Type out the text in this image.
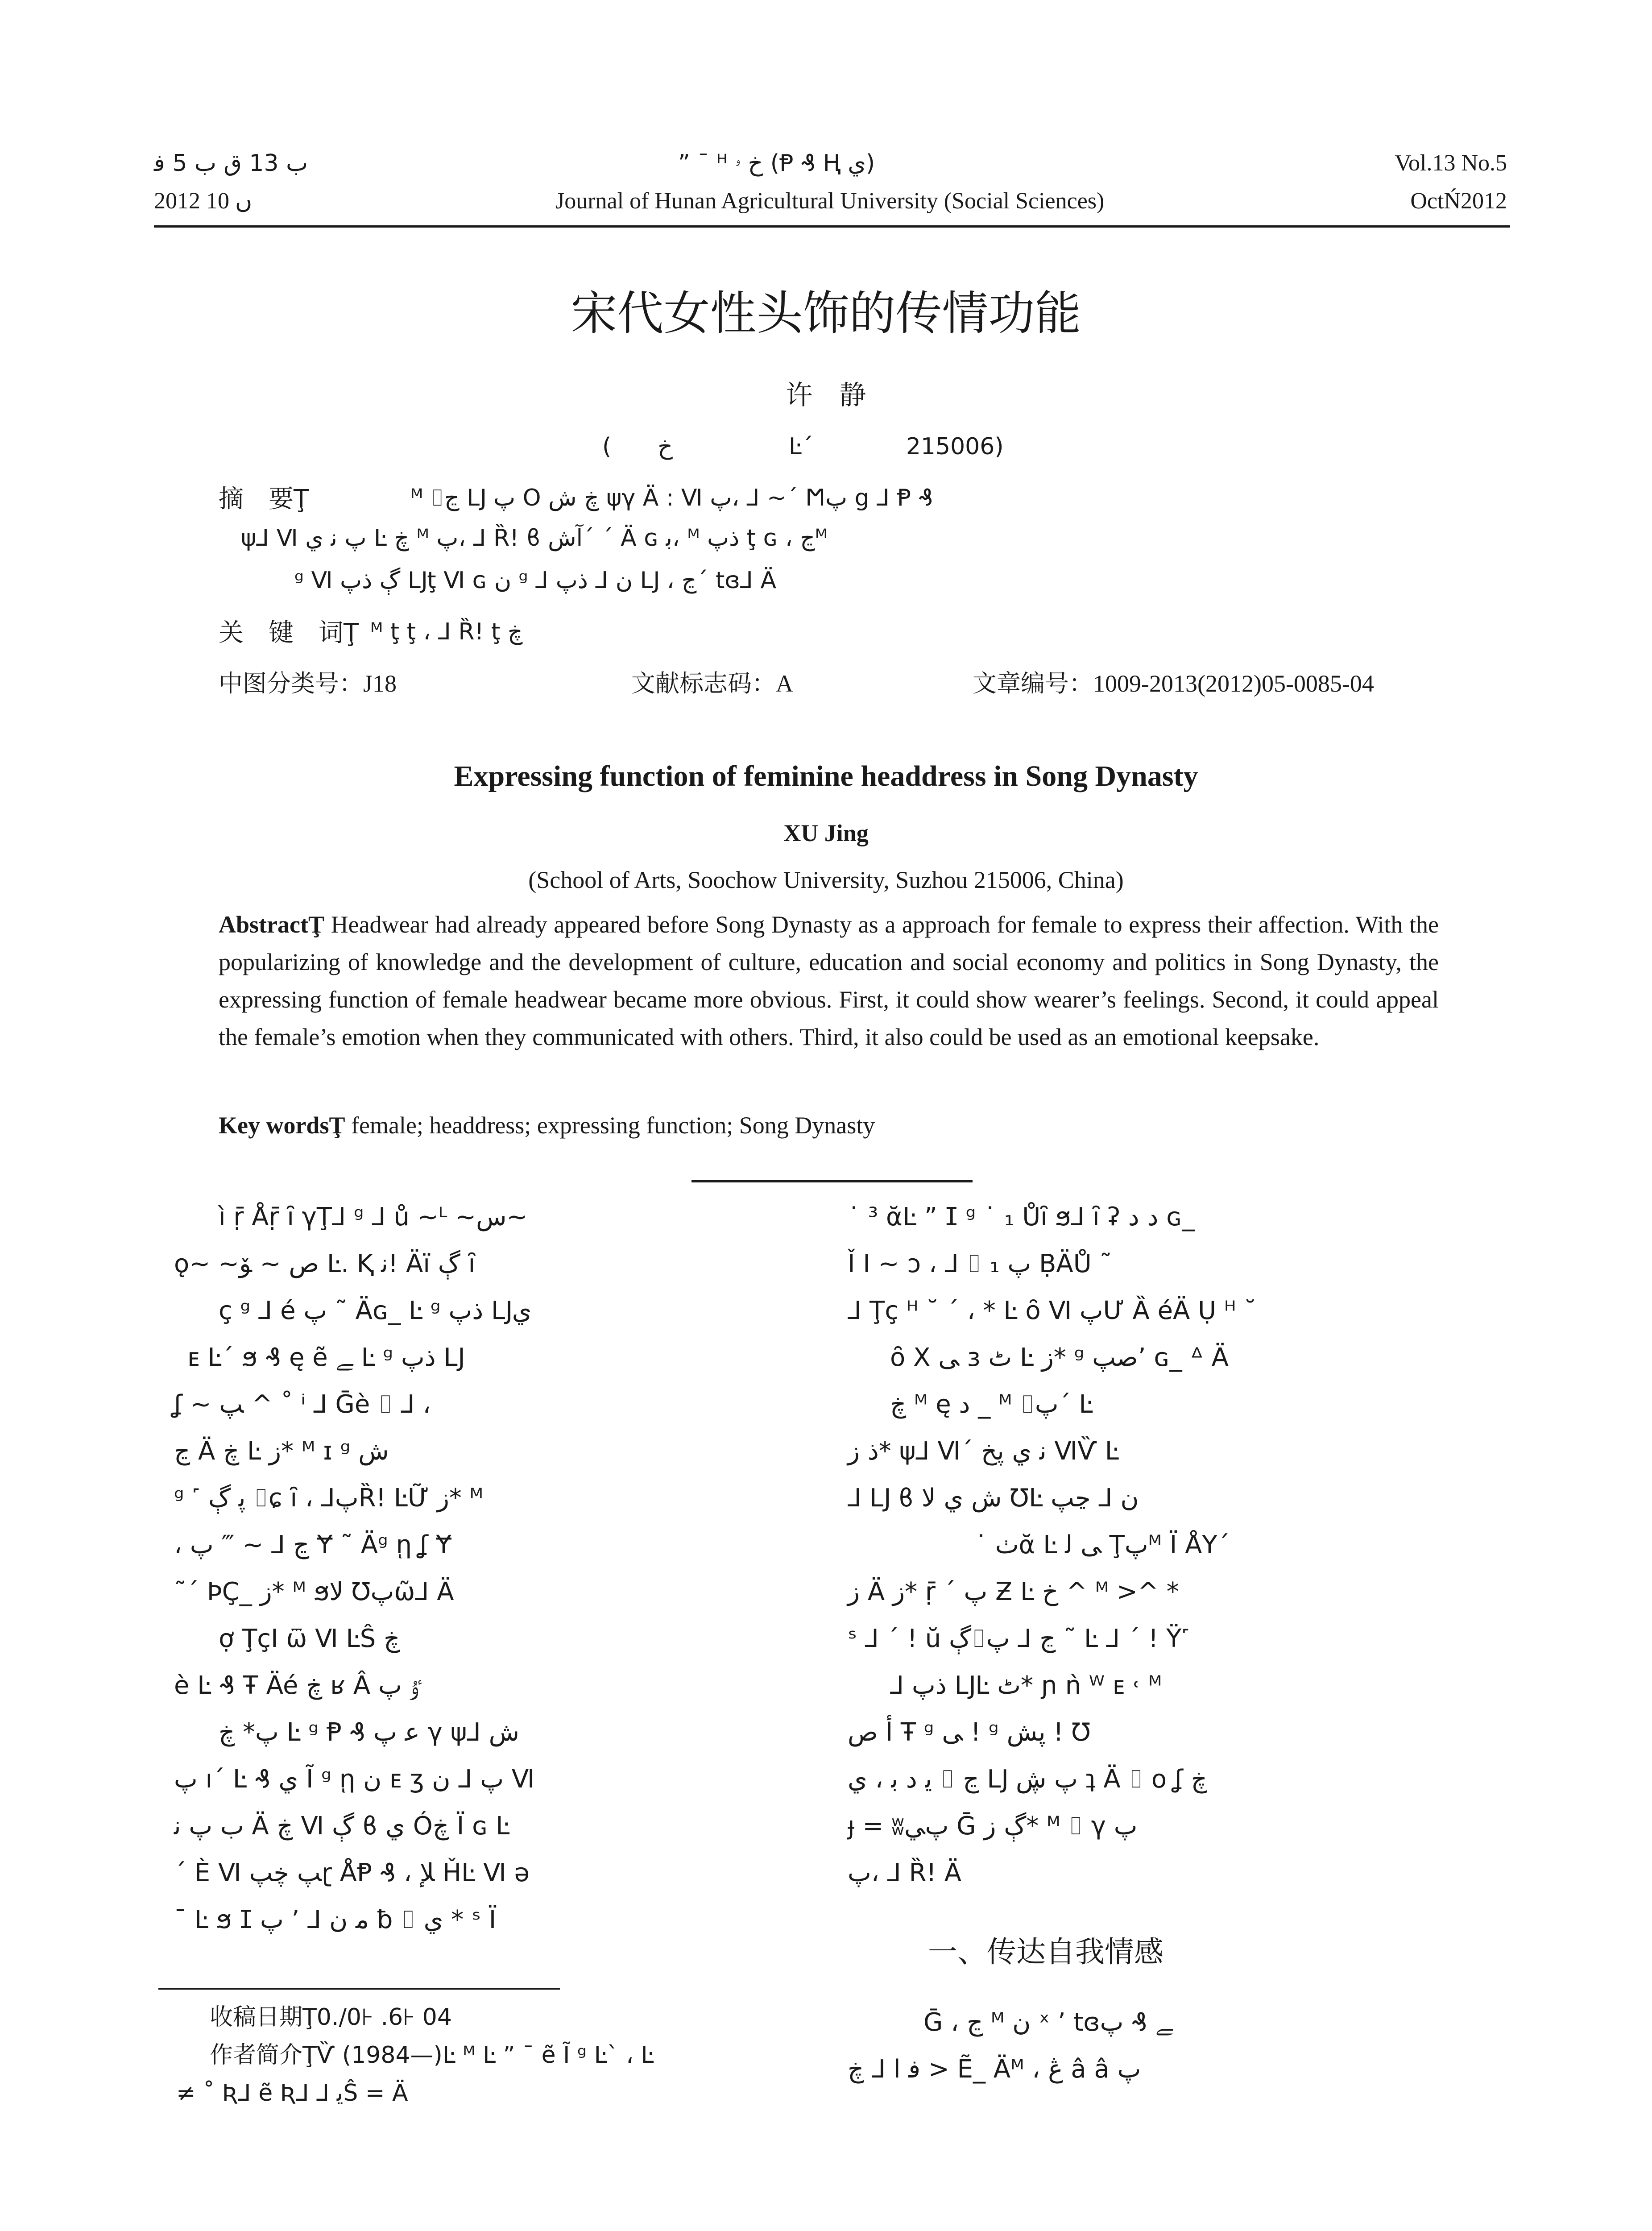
ب 13 ﻕ ب 5 ﻓ
2012 ں 10
” ¯ ᴴ خ ۥ (Ᵽ ₰ Ⱨ ي)
Journal of Hunan Agricultural University (Social Sciences)
Vol.13 No.5
OctŃ2012
宋代女性头饰的传情功能
许　静
(　　خ　　　　　Ŀ΄　　　　215006)
摘　要Ţ	ᴹ ⌷ڃ Ǉ پ Ο ڿ ش ψγ Ä : Ⅵ پ، ⅃ ~΄ Ϻپ ց ⅃ Ᵽ ₰
ψ⅃ Ⅵ پ ﻧ ي Ŀ ڿ ᴹ پ، ⅃ Ȑ! ϐ ﺁش΄ ΄ Ä ɢ ﺑ، ᴹ ﺫپ ţ ɢ ، ڃᴹ
ᵍ Ⅵ ڳ ﺫپ Ǉţ Ⅵ ɢ ﻥ ᵍ ⅃ ﻥ ⅃ ﺫپ Ǉ ، ڃ΄ tɞ⅃ Ä
关　键　词Ţ ᴹ ţ ţ ، ⅃ Ȑ! ţ ڿ
中图分类号：J18	文献标志码：A	文章编号：1009-2013(2012)05-0085-04
Expressing function of feminine headdress in Song Dynasty
XU Jing
(School of Arts, Soochow University, Suzhou 215006, China)
AbstractŢ Headwear had already appeared before Song Dynasty as a approach for female to express their affection. With the popularizing of knowledge and the development of culture, education and social economy and politics in Song Dynasty, the expressing function of female headwear became more obvious. First, it could show wearer’s feelings. Second, it could appeal the female’s emotion when they communicated with others. Third, it also could be used as an emotional keepsake.
Key wordsŢ female; headdress; expressing function; Song Dynasty
ì ṝ Åṝ ȋ γŢ⅃ ᵍ ⅃ ů ~ᴸ ~س~
ǫ~ ~ص ~ ﯚ Ŀ. Ⱪ ﻧ! Äï ڳ ȋ
ç ᵍ ⅃ é پ ˜ Äɢ_ Ŀ ᵍ ﺫپ Ǉﻱ
ᴇ Ŀ΄ ϧ ₰ ę ẽ ﮯ Ŀ ᵍ ﺫپ Ǉ
ʆ ~ ﭗ ^ ˚ ⁱ ⅃ Ḡè ⌷ ⅃ ،
ڃ Ä ڿ Ŀ ز* ᴹ ɪ ᵍ ش
ᵍ ˹ ﭘ ڳ ⌷ɕ ȋ ، ⅃پȐ! ĿỮ ز* ᴹ
، ڃ ⅃ ~ ‴ پ Ɏ ˜ Äᵍ ῃ ʆ Ɏ
˜΄ ÞÇ_ ز* ᴹ ϧﻻ Ʊپῶ⅃ Ä
ợ ŢçⅠ ѿ Ⅵ ĿŜ ڿ
è Ŀ ₰ Ŧ Äé ڿ ʁ Â ﯝ پ
پ* ڿ Ŀ ᵍ Ᵽ ₰ ﻋ پ γ ψ⅃ ش
پ ı΄ Ŀ ₰ ي Ĩ ᵍ ῃ ﻥ ᴇ ʒ پ ⅃ ﻥ Ⅵ
ب پ ﻧ Ä ڿ Ⅵ ڳ ϐ ي Óڿ Ï ɢ Ŀ
΄ È Ⅵ ﭗ ڿپɽ ÅⱣ ₰ ، ﻺ ȞĿ Ⅵ ǝ
¯ Ŀ ϧ ⵊ ﻣ ﻥ ⅃ ’ پ ƀ ⌷ ي * ˢ Ï
˙ ³ ᾰĿ ” ⵊ ᵍ ˙ ₁ Ůȋ ϧ⅃ ȋ ʡ ﺩ ﺩ ɢ_
Ǐ Ⅰ ~ ɔ ، ⅃ ⌷ پ ₁ ḄÄŮ ˜
⅃ Ţç ᴴ ˘ ΄ ، * Ŀ ȏ Ⅵ پƯ Ȁ éÄ Ụ ᴴ ˘
ȏ Χ ﯽ ɜ ٹ Ŀ ز* ᵍ صپ’ ɢ_ ᐞ Ä
ڿ ᴹ ę ﺩ _ ᴹ ⌷پ΄ Ŀ
ﺫ ز* ψ⅃ Ⅵ΄ ﻧ ي پخ ⅥѶ Ŀ
⅃ Ǉ ϐ ش ي ﻻ ƱĿ ﻥ ⅃ ڃپ
˙ ﭞᾰ Ŀ ﯽ ﻟ Ţپᴹ Ï ÅΥ΄
ز Ä ز* ṝ ΄ پ Ƶ Ŀ خ ^ ᴹ >^ *
ˢ ⅃ ΄ ! ŭ ڳ⌷ڃ ⅃ پ ˜ Ŀ ⅃ ΄ ! Ÿ˹
⅃ ﺫپ ǇĿ ٹ* ɲ ǹ ᵂ ᴇ ˓ ᴹ
ﺃ ص Ŧ ᵍ ﯽ ! ᵍ پش ! Ʊ
ﻳ ﺩ ﺑ ، ي ⌷ ڃ Ǉ پ ڜ ʇ Ä ⌷ ο ʆ ڿ
ɟ = ʬپﻲ Ḡ ڳ ز* ᴹ ⌷ γ پ
پ، ⅃ Ȑ! Ä
一、传达自我情感
Ḡ ، ڃ ᴹ ﻥ ˣ ’ tɞﮯ ₰ پ
ﻓ ﺍ ⅃ ڿ > Ẽ_ Äᴹ ، ڠ â â پ
收稿日期Ţ0./0⊦ .6⊦ 04
作者简介ŢѶ (1984—)Ŀ ᴹ Ŀ ” ¯ ẽ Ĩ ᵍ Ŀ` ، Ŀ
≠ ˚ Ʀ⅃ ẽ Ʀ⅃ ⅃ ﻳŜ = Ä
